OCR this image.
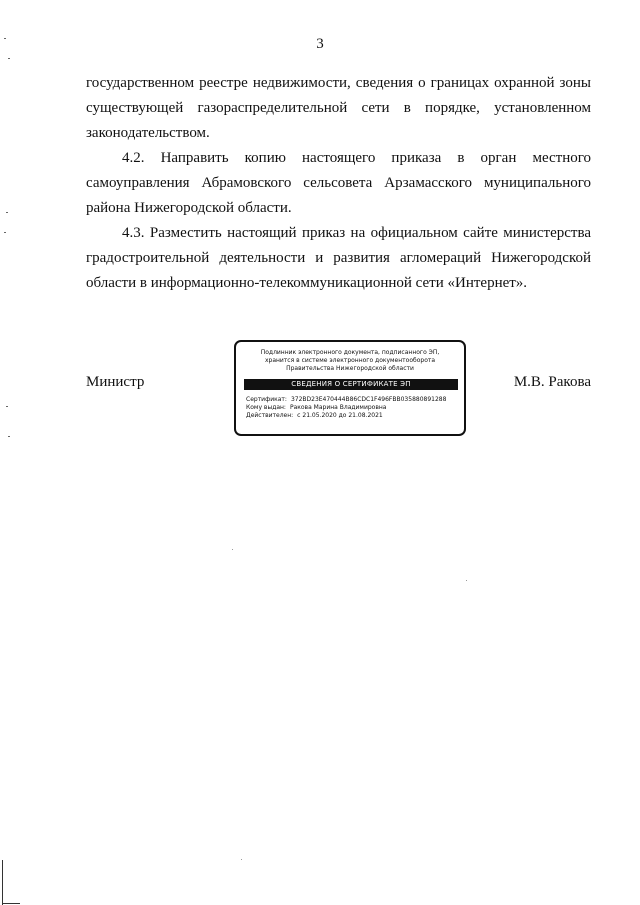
3
государственном реестре недвижимости, сведения о границах охранной зоны существующей газораспределительной сети в порядке, установленном законодательством.
4.2. Направить копию настоящего приказа в орган местного самоуправления Абрамовского сельсовета Арзамасского муниципального района Нижегородской области.
4.3. Разместить настоящий приказ на официальном сайте министерства градостроительной деятельности и развития агломераций Нижегородской области в информационно-телекоммуникационной сети «Интернет».
Министр	М.В. Ракова
Подлинник электронного документа, подписанного ЭП,
хранится в системе электронного документооборота
Правительства Нижегородской области
СВЕДЕНИЯ О СЕРТИФИКАТЕ ЭП
Сертификат: 372BD23E470444B86CDC1F496FBB035880891288
Кому выдан: Ракова Марина Владимировна
Действителен: с 21.05.2020 до 21.08.2021
